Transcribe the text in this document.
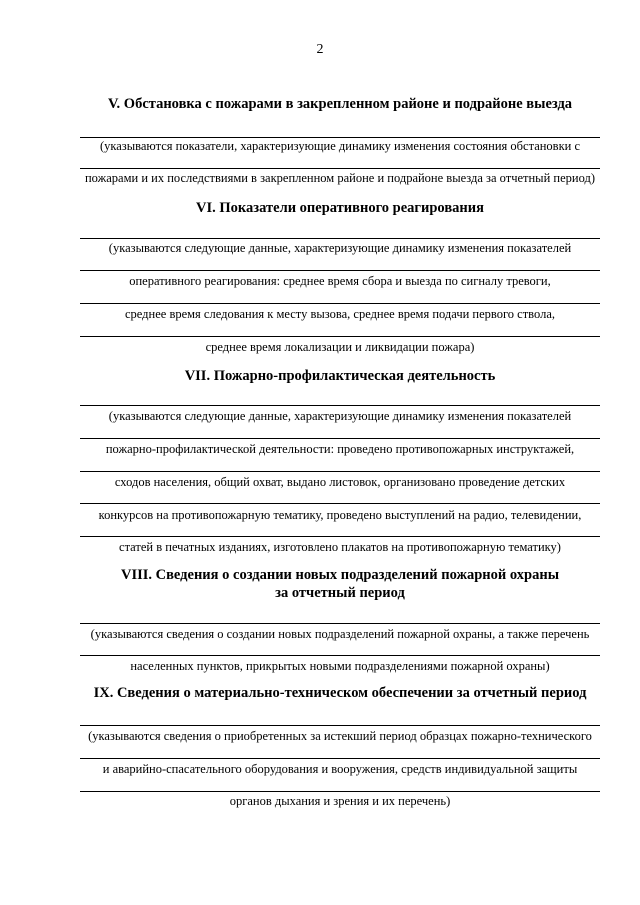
2
V. Обстановка с пожарами в закрепленном районе и подрайоне выезда
(указываются показатели, характеризующие динамику изменения состояния обстановки с
пожарами и их последствиями в закрепленном районе и подрайоне выезда за отчетный период)
VI. Показатели оперативного реагирования
(указываются следующие данные, характеризующие динамику изменения показателей
оперативного реагирования: среднее время сбора и выезда по сигналу тревоги,
среднее время следования к месту вызова, среднее время подачи первого ствола,
среднее время локализации и ликвидации пожара)
VII. Пожарно-профилактическая деятельность
(указываются следующие данные, характеризующие динамику изменения показателей
пожарно-профилактической деятельности: проведено противопожарных инструктажей,
сходов населения, общий охват, выдано листовок, организовано проведение детских
конкурсов на противопожарную тематику, проведено выступлений на радио, телевидении,
статей в печатных изданиях, изготовлено плакатов на противопожарную тематику)
VIII. Сведения о создании новых подразделений пожарной охраны
за отчетный период
(указываются сведения о создании новых подразделений пожарной охраны, а также перечень
населенных пунктов, прикрытых новыми подразделениями пожарной охраны)
IX. Сведения о материально-техническом обеспечении за отчетный период
(указываются сведения о приобретенных за истекший период образцах пожарно-технического
и аварийно-спасательного оборудования и вооружения, средств индивидуальной защиты
органов дыхания и зрения и их перечень)
